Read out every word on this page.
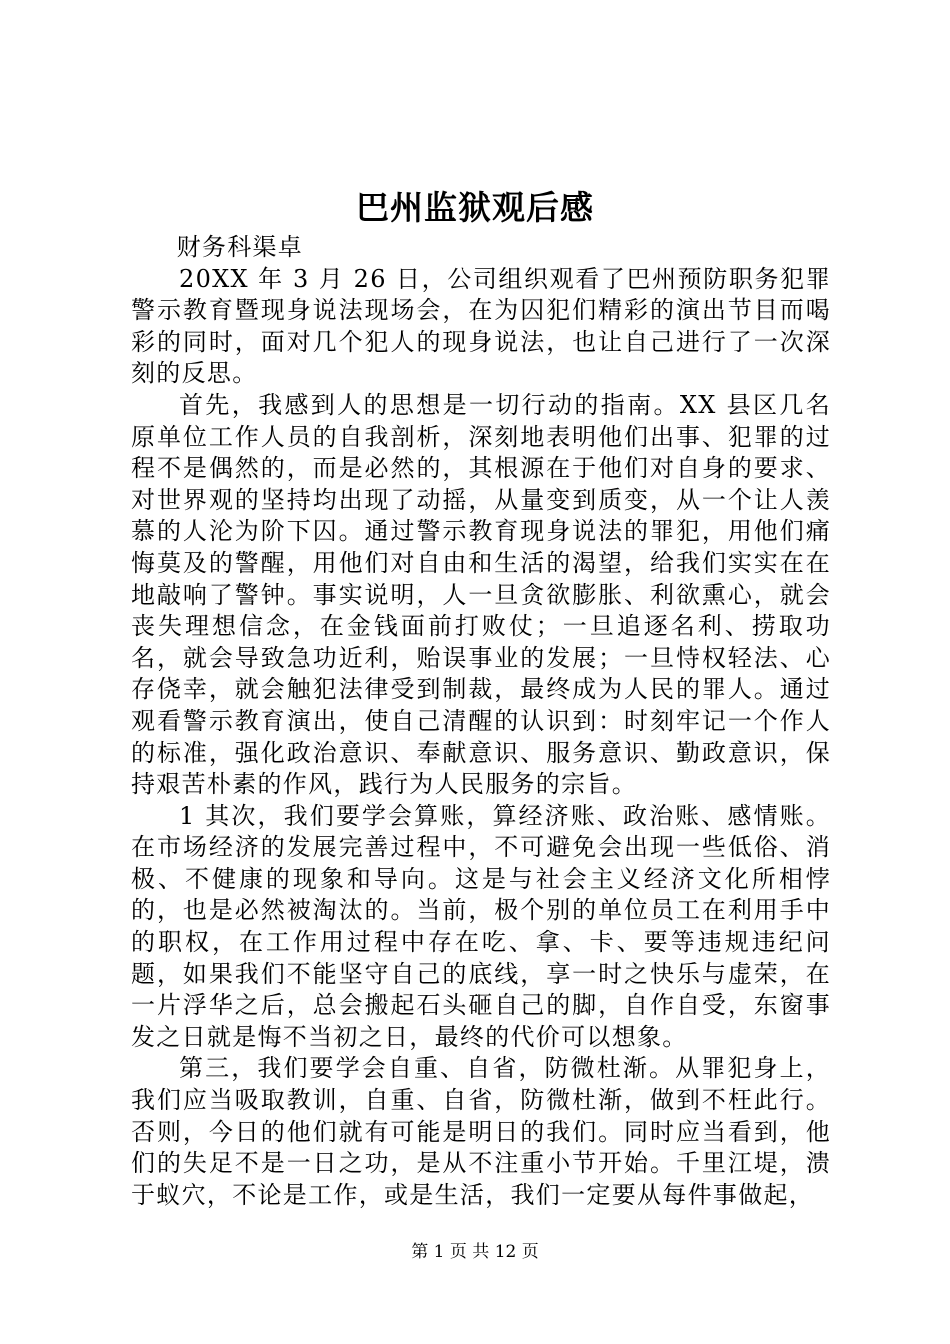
巴州监狱观后感

财务科渠卓

20XX 年 3 月 26 日，公司组织观看了巴州预防职务犯罪警示教育暨现身说法现场会，在为囚犯们精彩的演出节目而喝彩的同时，面对几个犯人的现身说法，也让自己进行了一次深刻的反思。

首先，我感到人的思想是一切行动的指南。XX 县区几名原单位工作人员的自我剖析，深刻地表明他们出事、犯罪的过程不是偶然的，而是必然的，其根源在于他们对自身的要求、对世界观的坚持均出现了动摇，从量变到质变，从一个让人羡慕的人沦为阶下囚。通过警示教育现身说法的罪犯，用他们痛悔莫及的警醒，用他们对自由和生活的渴望，给我们实实在在地敲响了警钟。事实说明，人一旦贪欲膨胀、利欲熏心，就会丧失理想信念，在金钱面前打败仗；一旦追逐名利、捞取功名，就会导致急功近利，贻误事业的发展；一旦恃权轻法、心存侥幸，就会触犯法律受到制裁，最终成为人民的罪人。通过观看警示教育演出，使自己清醒的认识到：时刻牢记一个作人的标准，强化政治意识、奉献意识、服务意识、勤政意识，保持艰苦朴素的作风，践行为人民服务的宗旨。

1 其次，我们要学会算账，算经济账、政治账、感情账。在市场经济的发展完善过程中，不可避免会出现一些低俗、消极、不健康的现象和导向。这是与社会主义经济文化所相悖的，也是必然被淘汰的。当前，极个别的单位员工在利用手中的职权，在工作用过程中存在吃、拿、卡、要等违规违纪问题，如果我们不能坚守自己的底线，享一时之快乐与虚荣，在一片浮华之后，总会搬起石头砸自己的脚，自作自受，东窗事发之日就是悔不当初之日，最终的代价可以想象。

第三，我们要学会自重、自省，防微杜渐。从罪犯身上，我们应当吸取教训，自重、自省，防微杜渐，做到不枉此行。否则，今日的他们就有可能是明日的我们。同时应当看到，他们的失足不是一日之功，是从不注重小节开始。千里江堤，溃于蚁穴，不论是工作，或是生活，我们一定要从每件事做起，

第 1 页 共 12 页
